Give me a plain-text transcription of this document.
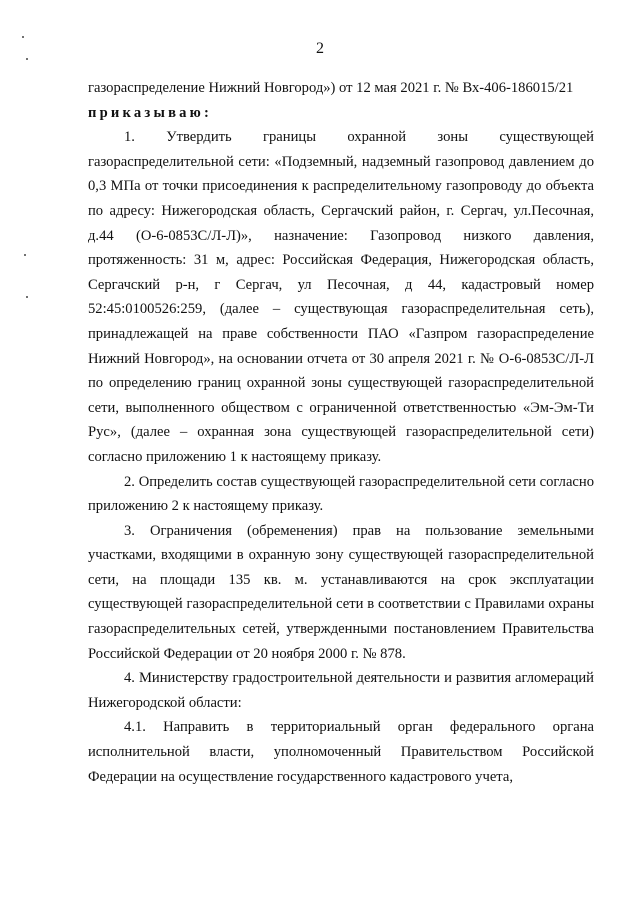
2

газораспределение Нижний Новгород») от 12 мая 2021 г. № Вх-406-186015/21

приказываю:

1. Утвердить границы охранной зоны существующей газораспределительной сети: «Подземный, надземный газопровод давлением до 0,3 МПа от точки присоединения к распределительному газопроводу до объекта по адресу: Нижегородская область, Сергачский район, г. Сергач, ул.Песочная, д.44 (О-6-0853С/Л-Л)», назначение: Газопровод низкого давления, протяженность: 31 м, адрес: Российская Федерация, Нижегородская область, Сергачский р-н, г Сергач, ул Песочная, д 44, кадастровый номер 52:45:0100526:259, (далее – существующая газораспределительная сеть), принадлежащей на праве собственности ПАО «Газпром газораспределение Нижний Новгород», на основании отчета от 30 апреля 2021 г. № О-6-0853С/Л-Л по определению границ охранной зоны существующей газораспределительной сети, выполненного обществом с ограниченной ответственностью «Эм-Эм-Ти Рус», (далее – охранная зона существующей газораспределительной сети) согласно приложению 1 к настоящему приказу.

2. Определить состав существующей газораспределительной сети согласно приложению 2 к настоящему приказу.

3. Ограничения (обременения) прав на пользование земельными участками, входящими в охранную зону существующей газораспределительной сети, на площади 135 кв. м. устанавливаются на срок эксплуатации существующей газораспределительной сети в соответствии с Правилами охраны газораспределительных сетей, утвержденными постановлением Правительства Российской Федерации от 20 ноября 2000 г. № 878.

4. Министерству градостроительной деятельности и развития агломераций Нижегородской области:

4.1. Направить в территориальный орган федерального органа исполнительной власти, уполномоченный Правительством Российской Федерации на осуществление государственного кадастрового учета,
